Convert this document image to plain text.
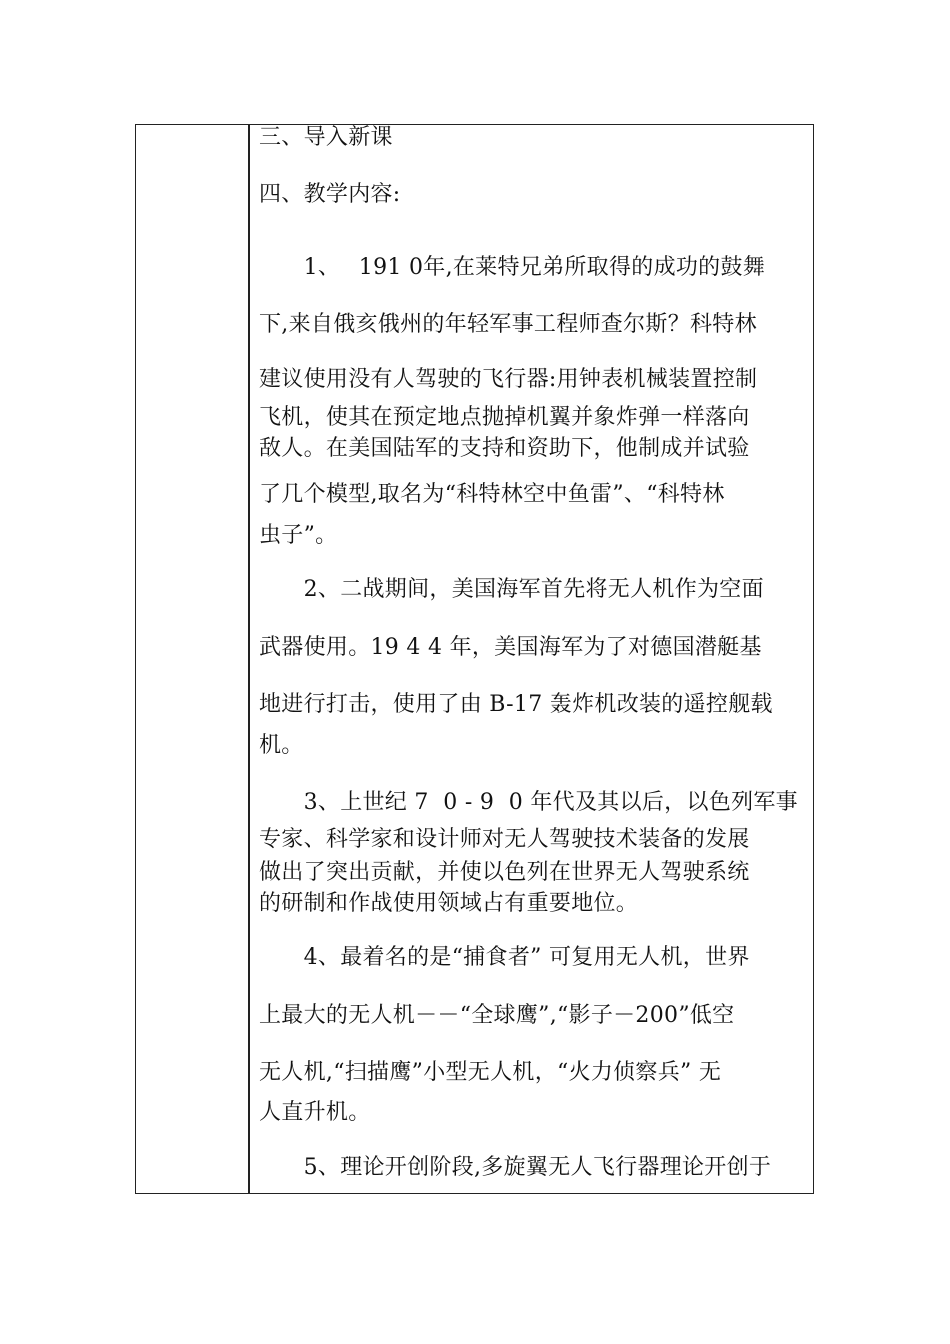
三、导入新课
四、教学内容:
　　1、　 191 0年,在莱特兄弟所取得的成功的鼓舞
下,来自俄亥俄州的年轻军事工程师查尔斯？科特林
建议使用没有人驾驶的飞行器:用钟表机械装置控制
飞机，使其在预定地点抛掉机翼并象炸弹一样落向
敌人。在美国陆军的支持和资助下，他制成并试验
了几个模型,取名为“科特林空中鱼雷”、“科特林
虫子”。
　　2、二战期间，美国海军首先将无人机作为空面
武器使用。19 4 4 年，美国海军为了对德国潜艇基
地进行打击，使用了由 B-17 轰炸机改装的遥控舰载
机。
　　3、上世纪 7  0 - 9  0 年代及其以后，以色列军事
专家、科学家和设计师对无人驾驶技术装备的发展
做出了突出贡献，并使以色列在世界无人驾驶系统
的研制和作战使用领域占有重要地位。
　　4、最着名的是“捕食者” 可复用无人机，世界
上最大的无人机－－“全球鹰”,“影子－200”低空
无人机,“扫描鹰”小型无人机，“火力侦察兵” 无
人直升机。
　　5、理论开创阶段,多旋翼无人飞行器理论开创于
